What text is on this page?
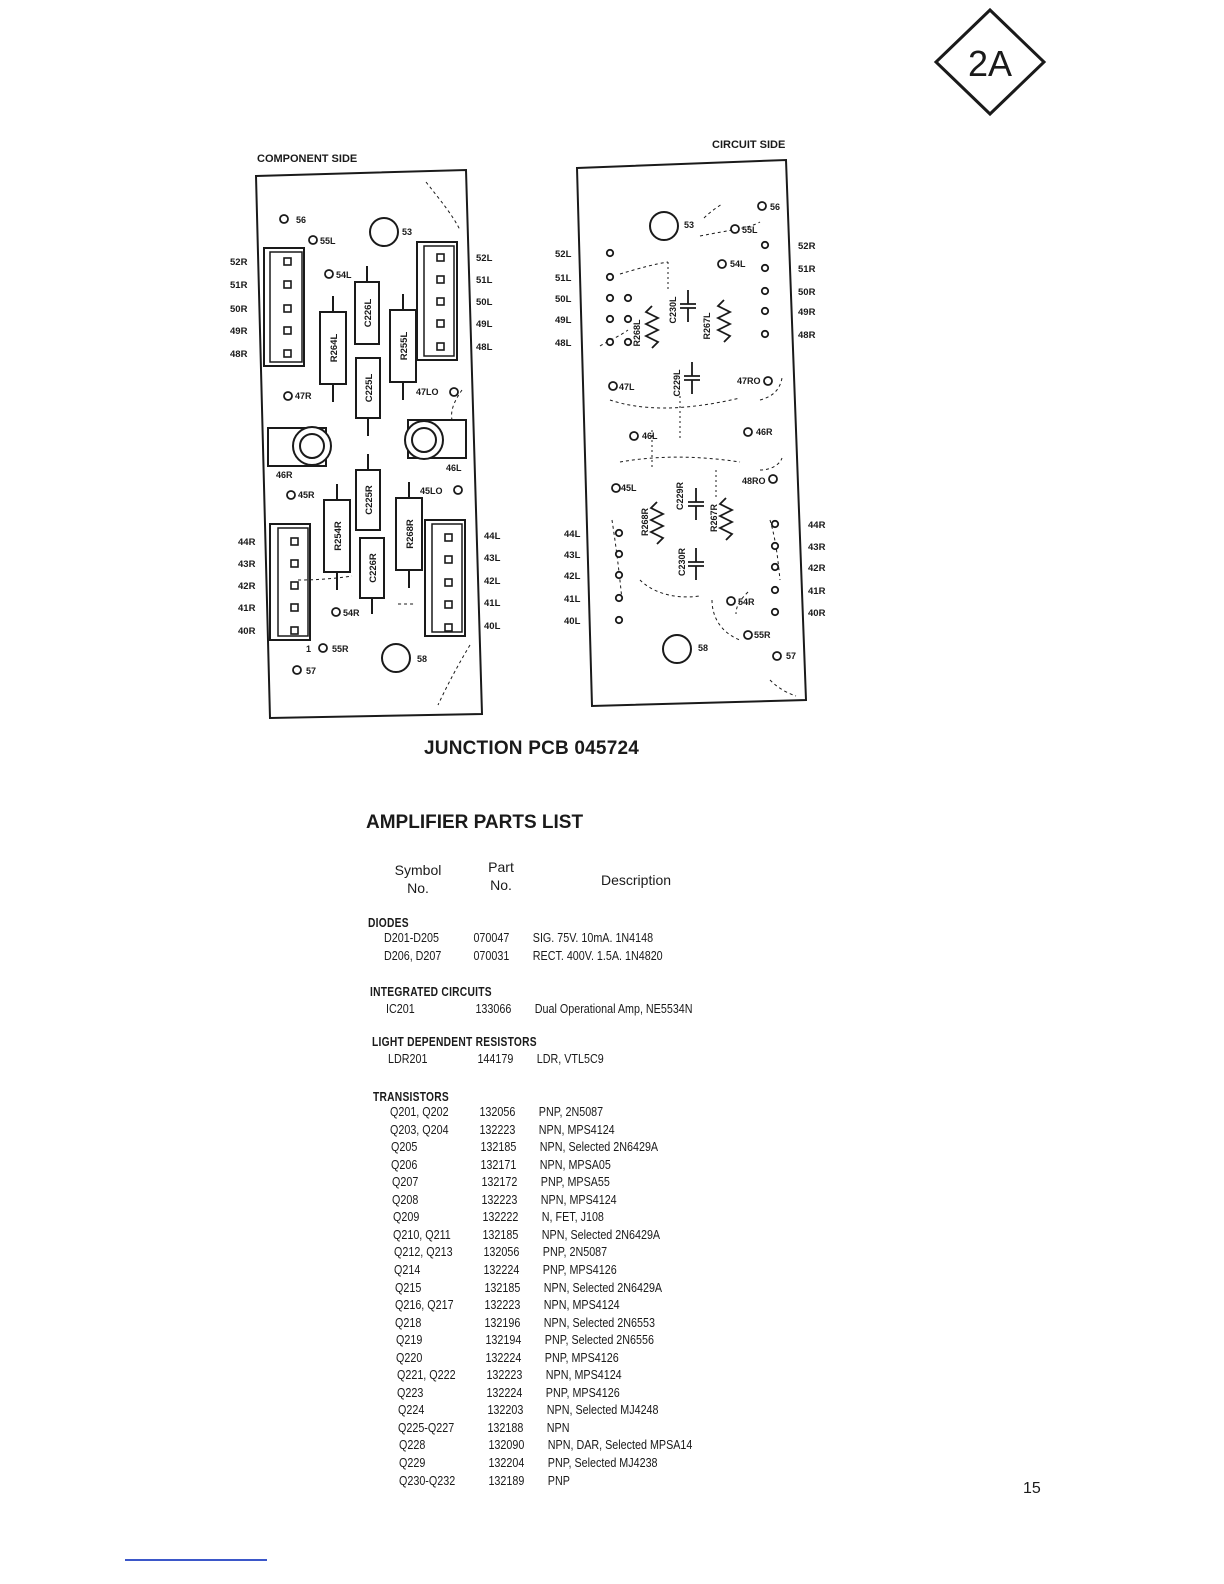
2A
COMPONENT SIDE
CIRCUIT SIDE
52R
51R
50R
49R
48R
52L
51L
50L
49L
48L
44R
43R
42R
41R
40R
44L
43L
42L
41L
40L
R264L
C226L
R255L
C225L
C225R
R254R	R268R
C226R
56
55L
53
54L
47R	47LO
46R
46L
45R	45LO
54R
55R
58
57
1
52L
51L
50L
49L
48L
52R
51R
50R
49R
48R
44L
43L
42L
41L
40L
44R
43R
42R
41R
40R
R268L
C230L
R267L
C229L
C229R
R268R	R267R
C230R
56
53	55L
54L
47L
47RO
46L	46R
45L
48RO
54R
55R
58
57
JUNCTION PCB 045724
AMPLIFIER PARTS LIST
Symbol
No.
Part
No.	Description
DIODES
D201-D205	070047 SIG. 75V. 10mA. 1N4148
D206, D207	070031 RECT. 400V. 1.5A. 1N4820
INTEGRATED CIRCUITS
IC201	133066 Dual Operational Amp, NE5534N
LIGHT DEPENDENT RESISTORS
LDR201	144179 LDR, VTL5C9
TRANSISTORS
Q201, Q202 132056 PNP, 2N5087
Q203, Q204 132223 NPN, MPS4124
Q205	132185 NPN, Selected 2N6429A
Q206	132171 NPN, MPSA05
Q207	132172 PNP, MPSA55
Q208	132223 NPN, MPS4124
Q209	132222 N, FET, J108
Q210, Q211	132185 NPN, Selected 2N6429A
Q212, Q213 132056 PNP, 2N5087
Q214	132224 PNP, MPS4126
Q215	132185 NPN, Selected 2N6429A
Q216, Q217 132223 NPN, MPS4124
Q218	132196 NPN, Selected 2N6553
Q219	132194 PNP, Selected 2N6556
Q220	132224 PNP, MPS4126
Q221, Q222 132223 NPN, MPS4124
Q223	132224 PNP, MPS4126
Q224	132203 NPN, Selected MJ4248
Q225-Q227	132188 NPN
Q228	132090 NPN, DAR, Selected MPSA14
Q229	132204 PNP, Selected MJ4238
Q230-Q232	132189 PNP	15
